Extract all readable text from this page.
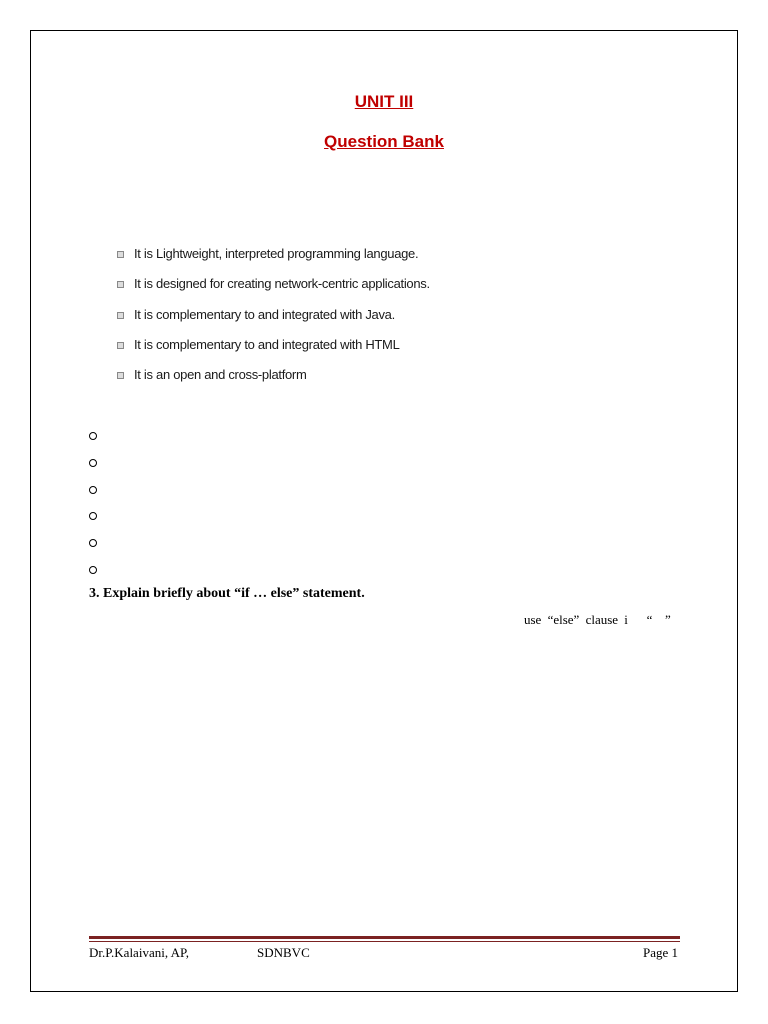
UNIT III
Question Bank
It is Lightweight, interpreted programming language.
It is designed for creating network-centric applications.
It is complementary to and integrated with Java.
It is complementary to and integrated with HTML
It is an open and cross-platform
3. Explain briefly about “if … else” statement.
use “else” clause i   “  ”
Dr.P.Kalaivani, AP,	SDNBVC	Page 1
